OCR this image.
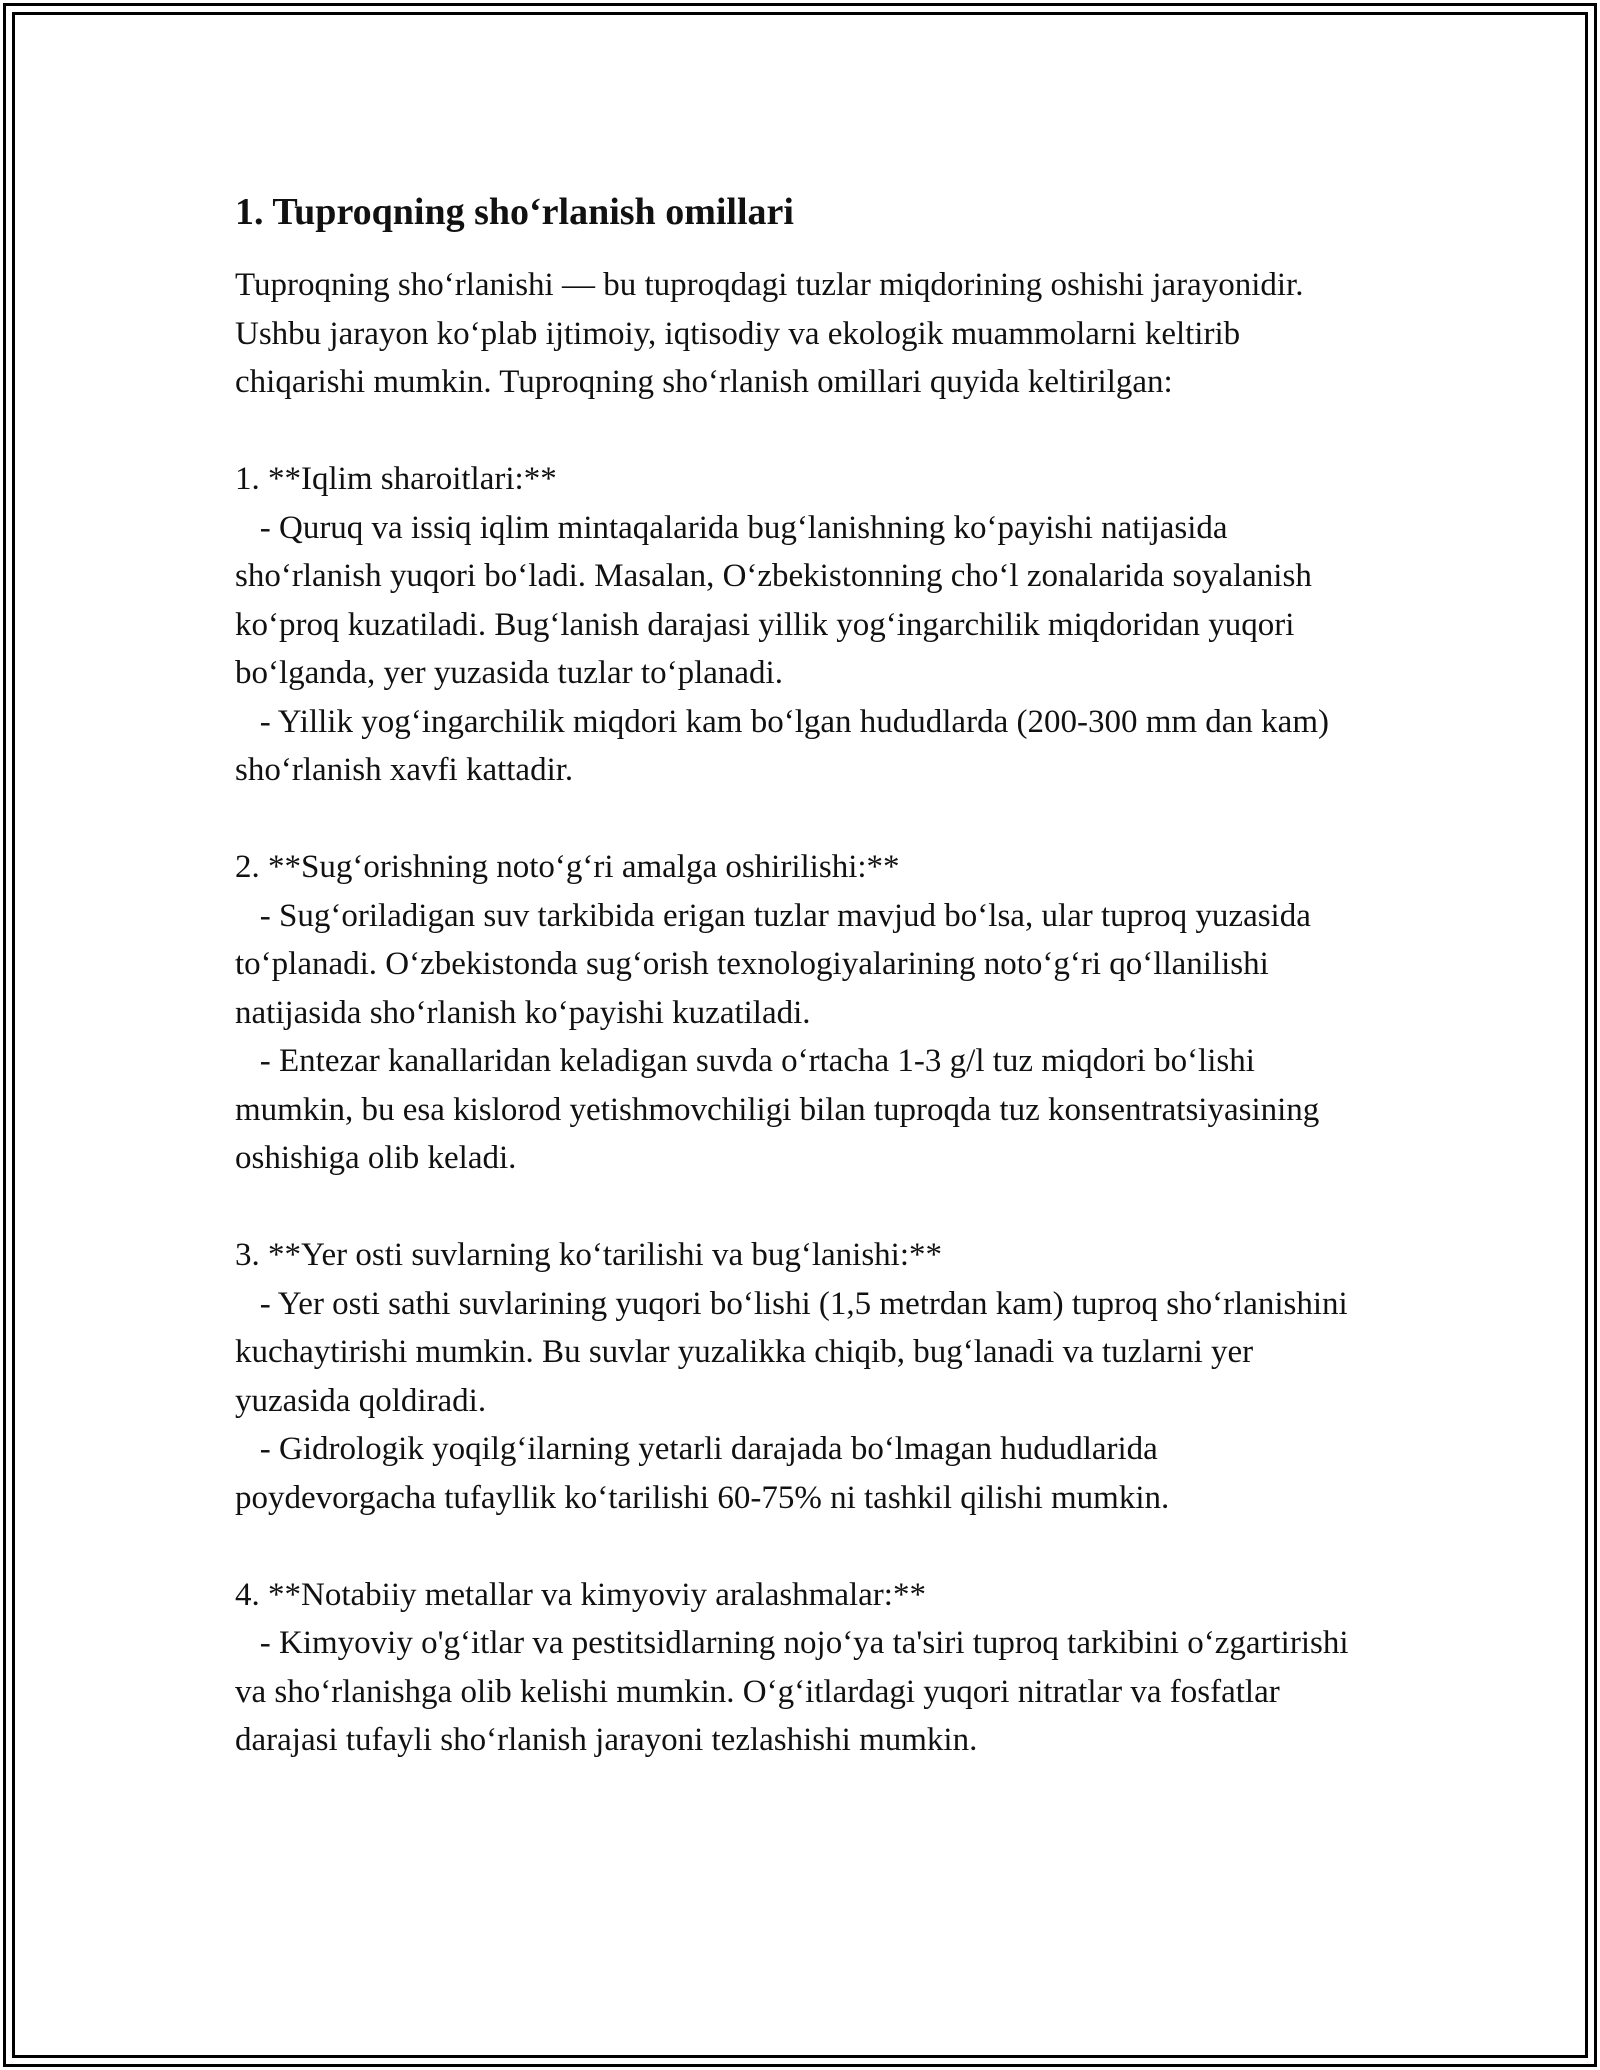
1. Tuproqning sho‘rlanish omillari

Tuproqning sho‘rlanishi — bu tuproqdagi tuzlar miqdorining oshishi jarayonidir. Ushbu jarayon ko‘plab ijtimoiy, iqtisodiy va ekologik muammolarni keltirib chiqarishi mumkin. Tuproqning sho‘rlanish omillari quyida keltirilgan:

1. **Iqlim sharoitlari:**

- Quruq va issiq iqlim mintaqalarida bug‘lanishning ko‘payishi natijasida sho‘rlanish yuqori bo‘ladi. Masalan, O‘zbekistonning cho‘l zonalarida soyalanish ko‘proq kuzatiladi. Bug‘lanish darajasi yillik yog‘ingarchilik miqdoridan yuqori bo‘lganda, yer yuzasida tuzlar to‘planadi.

- Yillik yog‘ingarchilik miqdori kam bo‘lgan hududlarda (200-300 mm dan kam) sho‘rlanish xavfi kattadir.

2. **Sug‘orishning noto‘g‘ri amalga oshirilishi:**

- Sug‘oriladigan suv tarkibida erigan tuzlar mavjud bo‘lsa, ular tuproq yuzasida to‘planadi. O‘zbekistonda sug‘orish texnologiyalarining noto‘g‘ri qo‘llanilishi natijasida sho‘rlanish ko‘payishi kuzatiladi.

- Entezar kanallaridan keladigan suvda o‘rtacha 1-3 g/l tuz miqdori bo‘lishi mumkin, bu esa kislorod yetishmovchiligi bilan tuproqda tuz konsentratsiyasining oshishiga olib keladi.

3. **Yer osti suvlarning ko‘tarilishi va bug‘lanishi:**

- Yer osti sathi suvlarining yuqori bo‘lishi (1,5 metrdan kam) tuproq sho‘rlanishini kuchaytirishi mumkin. Bu suvlar yuzalikka chiqib, bug‘lanadi va tuzlarni yer yuzasida qoldiradi.

- Gidrologik yoqilg‘ilarning yetarli darajada bo‘lmagan hududlarida poydevorgacha tufayllik ko‘tarilishi 60-75% ni tashkil qilishi mumkin.

4. **Notabiiy metallar va kimyoviy aralashmalar:**

- Kimyoviy o'g‘itlar va pestitsidlarning nojo‘ya ta'siri tuproq tarkibini o‘zgartirishi va sho‘rlanishga olib kelishi mumkin. O‘g‘itlardagi yuqori nitratlar va fosfatlar darajasi tufayli sho‘rlanish jarayoni tezlashishi mumkin.
